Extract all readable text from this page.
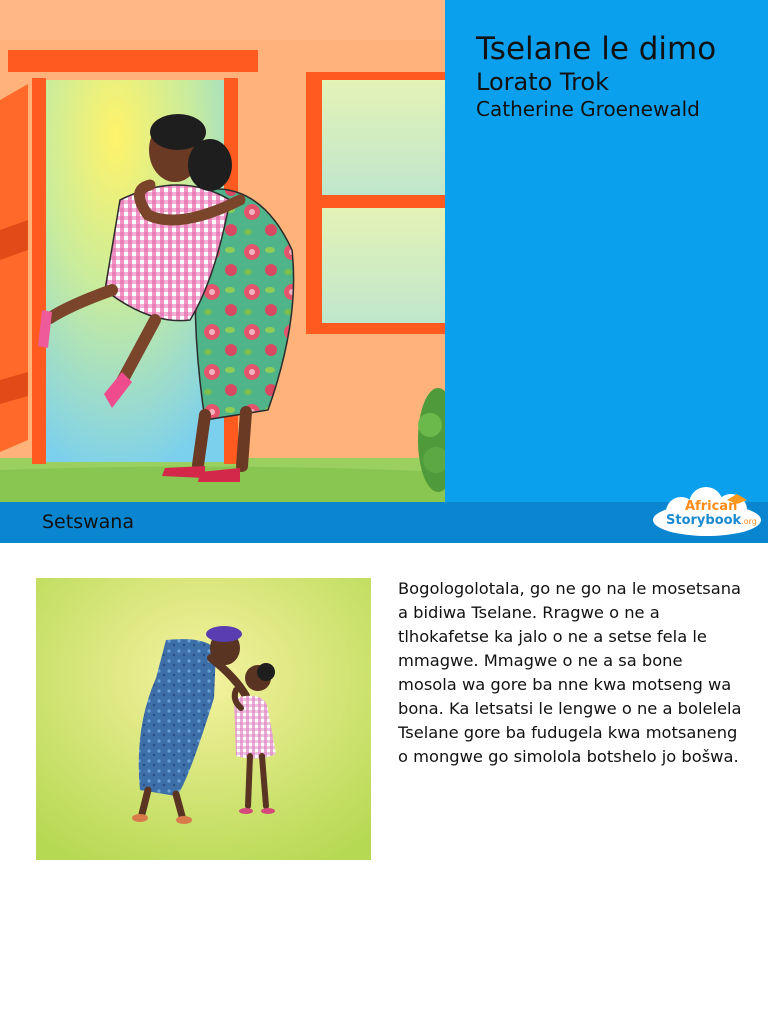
Tselane le dimo
Lorato Trok
Catherine Groenewald
Setswana
African
Storybook.org

Bogologolotala, go ne go na le mosetsana a bidiwa Tselane. Rragwe o ne a tlhokafetse ka jalo o ne a setse fela le mmagwe. Mmagwe o ne a sa bone mosola wa gore ba nne kwa motseng wa bona. Ka letsatsi le lengwe o ne a bolelela Tselane gore ba fudugela kwa motsaneng o mongwe go simolola botshelo jo bošwa.
